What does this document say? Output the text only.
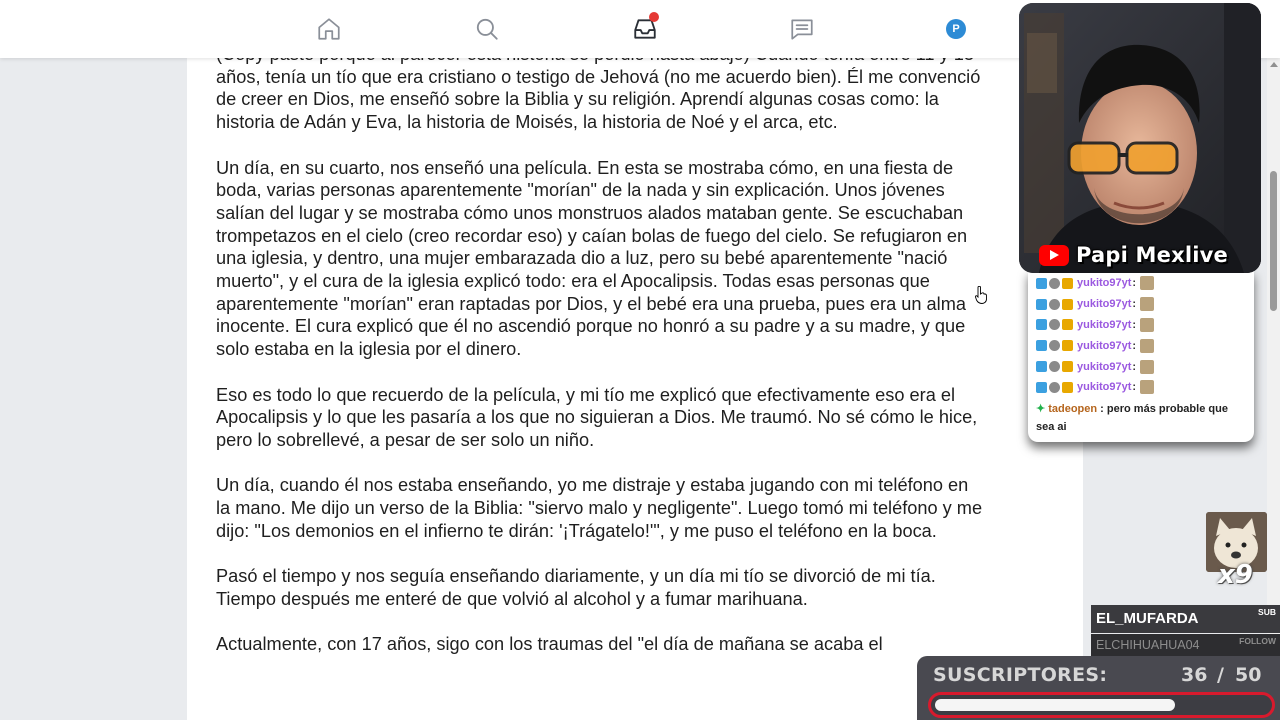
años, tenía un tío que era cristiano o testigo de Jehová (no me acuerdo bien). Él me convenció de creer en Dios, me enseñó sobre la Biblia y su religión. Aprendí algunas cosas como: la historia de Adán y Eva, la historia de Moisés, la historia de Noé y el arca, etc.

Un día, en su cuarto, nos enseñó una película. En esta se mostraba cómo, en una fiesta de boda, varias personas aparentemente "morían" de la nada y sin explicación. Unos jóvenes salían del lugar y se mostraba cómo unos monstruos alados mataban gente. Se escuchaban trompetazos en el cielo (creo recordar eso) y caían bolas de fuego del cielo. Se refugiaron en una iglesia, y dentro, una mujer embarazada dio a luz, pero su bebé aparentemente "nació muerto", y el cura de la iglesia explicó todo: era el Apocalipsis. Todas esas personas que aparentemente "morían" eran raptadas por Dios, y el bebé era una prueba, pues era un alma inocente. El cura explicó que él no ascendió porque no honró a su padre y a su madre, y que solo estaba en la iglesia por el dinero.

Eso es todo lo que recuerdo de la película, y mi tío me explicó que efectivamente eso era el Apocalipsis y lo que les pasaría a los que no siguieran a Dios. Me traumó. No sé cómo le hice, pero lo sobrellevé, a pesar de ser solo un niño.

Un día, cuando él nos estaba enseñando, yo me distraje y estaba jugando con mi teléfono en la mano. Me dijo un verso de la Biblia: "siervo malo y negligente". Luego tomó mi teléfono y me dijo: "Los demonios en el infierno te dirán: '¡Trágatelo!'", y me puso el teléfono en la boca.

Pasó el tiempo y nos seguía enseñando diariamente, y un día mi tío se divorció de mi tía. Tiempo después me enteré de que volvió al alcohol y a fumar marihuana.

Actualmente, con 17 años, sigo con los traumas del "el día de mañana se acaba el

P
Papi Mexlive
yukito97yt :
yukito97yt :
yukito97yt :
yukito97yt :
yukito97yt :
yukito97yt :
✦ tadeopen : pero más probable que sea ai
x9
EL_MUFARDA	SUB
ELCHIHUAHUA04	FOLLOW
SUSCRIPTORES:	36 / 50
